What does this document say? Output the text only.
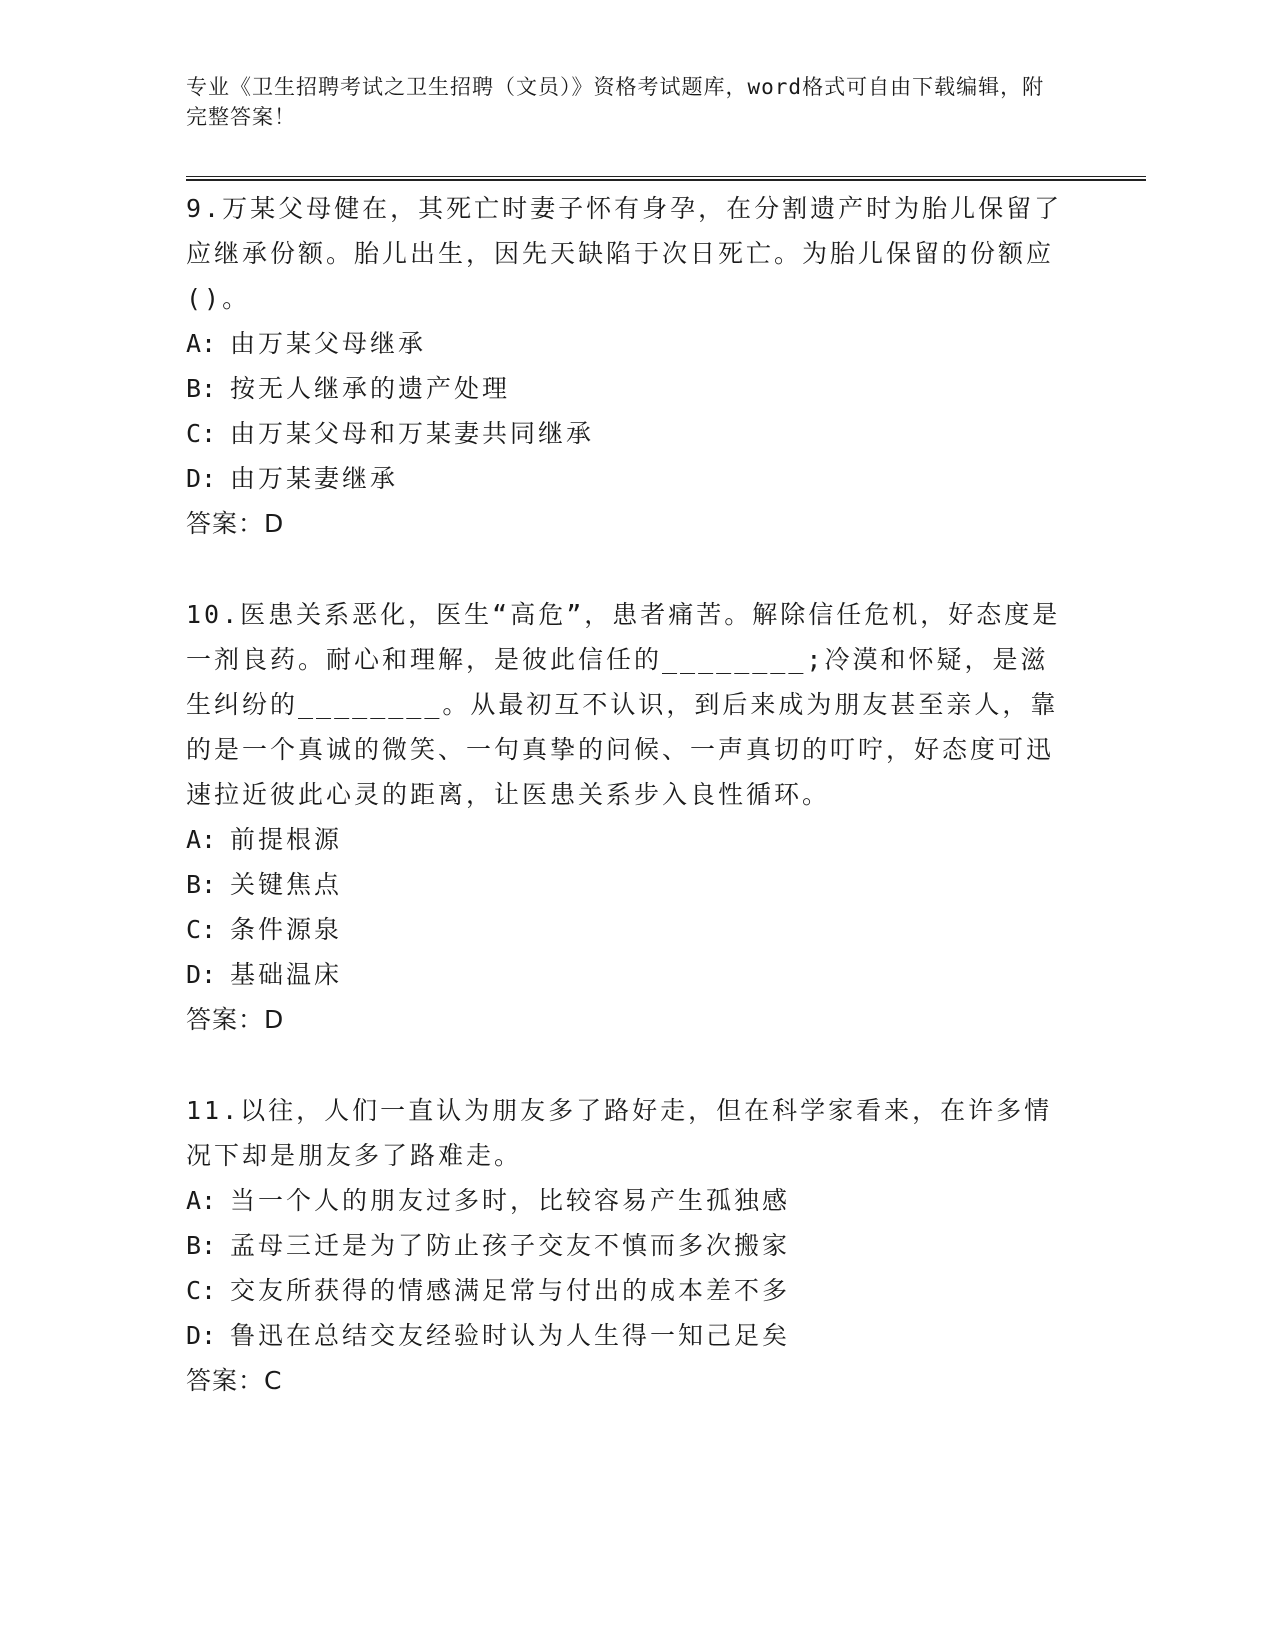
专业《卫生招聘考试之卫生招聘（文员）》资格考试题库，word格式可自由下载编辑，附完整答案！

9.万某父母健在，其死亡时妻子怀有身孕，在分割遗产时为胎儿保留了应继承份额。胎儿出生，因先天缺陷于次日死亡。为胎儿保留的份额应()。

A: 由万某父母继承

B: 按无人继承的遗产处理

C: 由万某父母和万某妻共同继承

D: 由万某妻继承

答案：D

10.医患关系恶化，医生“高危”，患者痛苦。解除信任危机，好态度是一剂良药。耐心和理解，是彼此信任的________;冷漠和怀疑，是滋生纠纷的________。从最初互不认识，到后来成为朋友甚至亲人，靠的是一个真诚的微笑、一句真挚的问候、一声真切的叮咛，好态度可迅速拉近彼此心灵的距离，让医患关系步入良性循环。

A: 前提根源

B: 关键焦点

C: 条件源泉

D: 基础温床

答案：D

11.以往，人们一直认为朋友多了路好走，但在科学家看来，在许多情况下却是朋友多了路难走。

A: 当一个人的朋友过多时，比较容易产生孤独感

B: 孟母三迁是为了防止孩子交友不慎而多次搬家

C: 交友所获得的情感满足常与付出的成本差不多

D: 鲁迅在总结交友经验时认为人生得一知己足矣

答案：C
